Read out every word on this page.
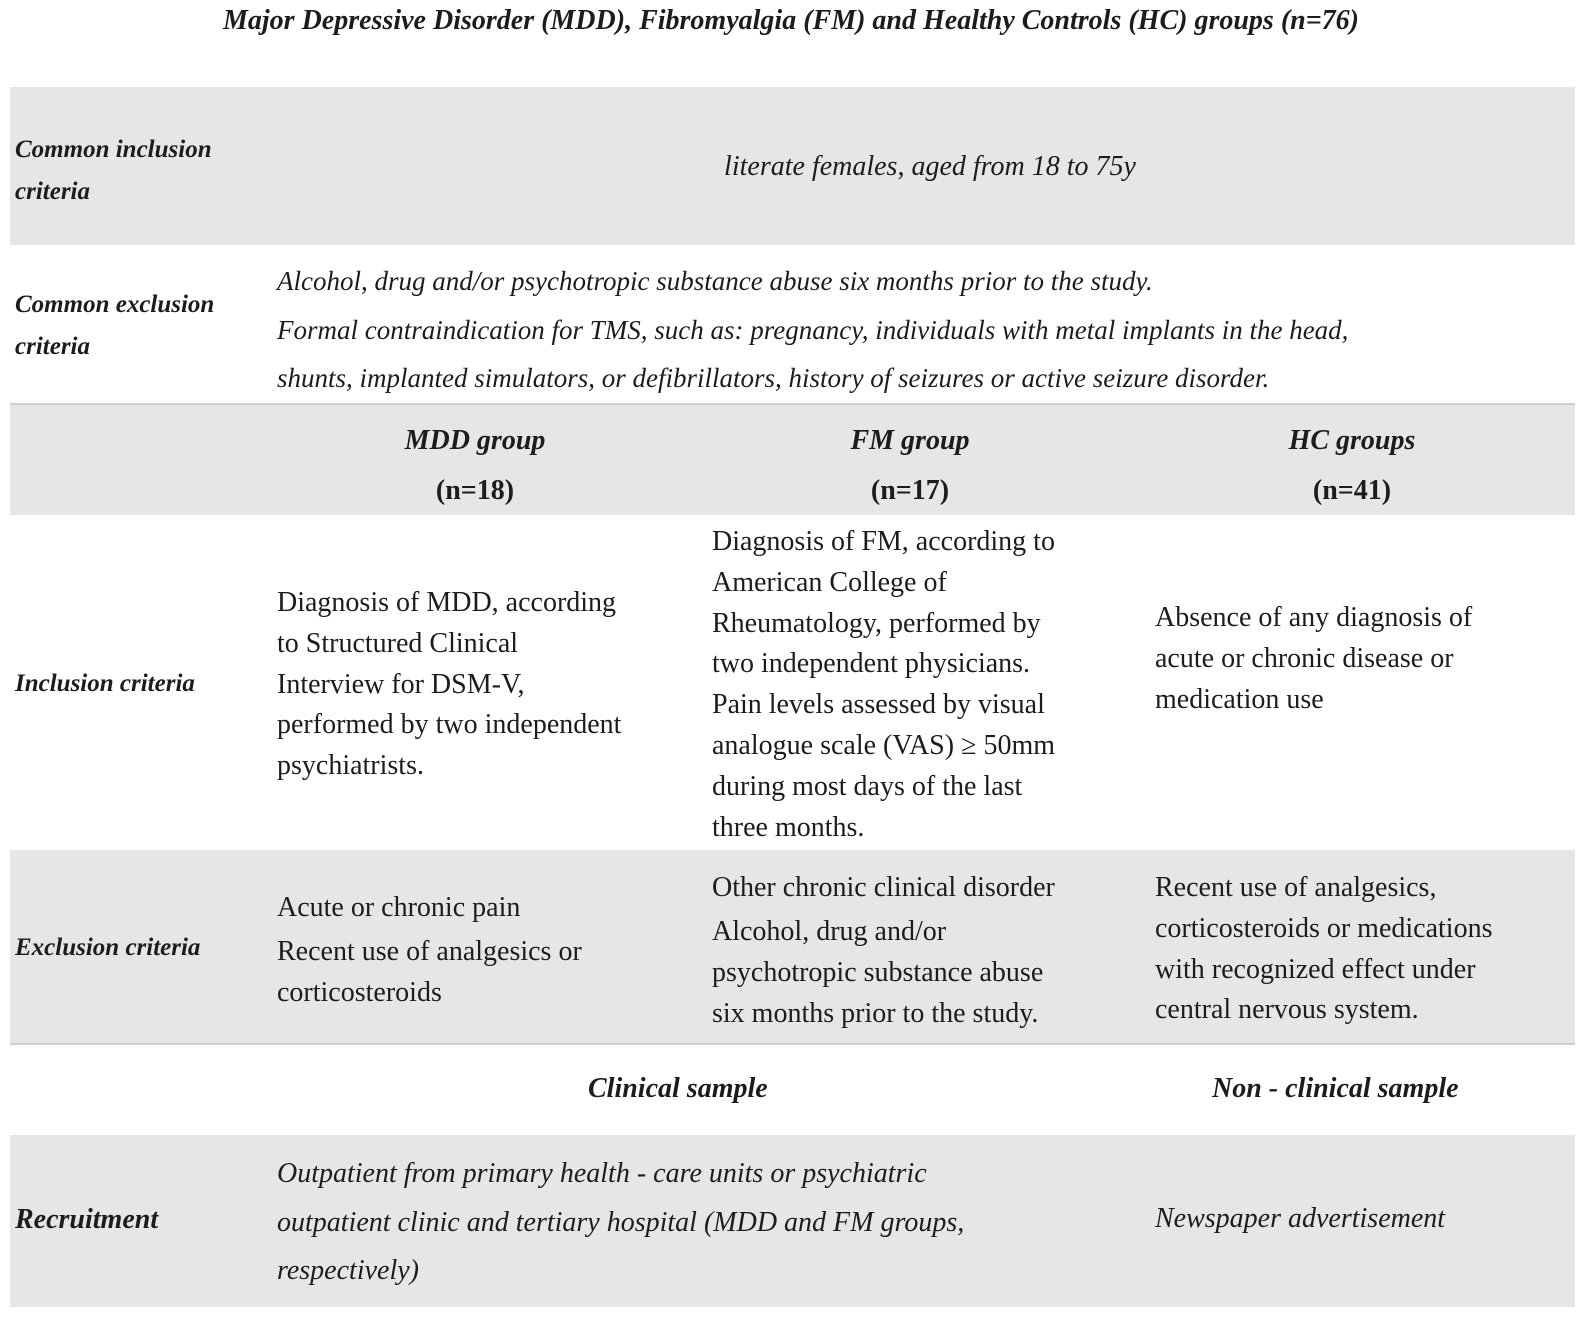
Major Depressive Disorder (MDD), Fibromyalgia (FM) and Healthy Controls (HC) groups (n=76)
Common inclusion
criteria
literate females, aged from 18 to 75y
Common exclusion
criteria
Alcohol, drug and/or psychotropic substance abuse six months prior to the study.
Formal contraindication for TMS, such as: pregnancy, individuals with metal implants in the head,
shunts, implanted simulators, or defibrillators, history of seizures or active seizure disorder.
MDD group
(n=18)
FM group
(n=17)
HC groups
(n=41)
Inclusion criteria
Diagnosis of MDD, according
to Structured Clinical
Interview for DSM-V,
performed by two independent
psychiatrists.
Diagnosis of FM, according to
American College of
Rheumatology, performed by
two independent physicians.
Pain levels assessed by visual
analogue scale (VAS) ≥ 50mm
during most days of the last
three months.
Absence of any diagnosis of
acute or chronic disease or
medication use
Exclusion criteria
Acute or chronic pain
Recent use of analgesics or
corticosteroids
Other chronic clinical disorder
Alcohol, drug and/or
psychotropic substance abuse
six months prior to the study.
Recent use of analgesics,
corticosteroids or medications
with recognized effect under
central nervous system.
Clinical sample	Non - clinical sample
Recruitment
Outpatient from primary health - care units or psychiatric
outpatient clinic and tertiary hospital (MDD and FM groups,
respectively)
Newspaper advertisement
